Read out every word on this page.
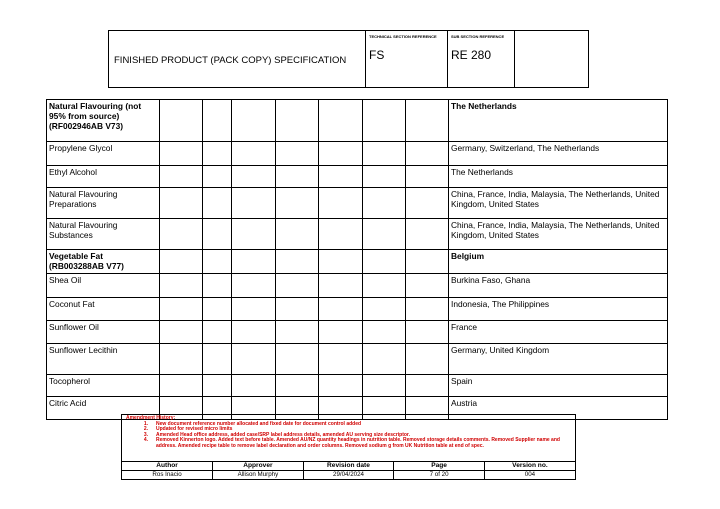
FINISHED PRODUCT (PACK COPY) SPECIFICATION
TECHNICAL SECTION REFERENCE
FS
SUB SECTION REFERENCE
RE 280
Natural Flavouring (not 95% from source) (RF002946AB V73)								The Netherlands
Propylene Glycol								Germany, Switzerland, The Netherlands
Ethyl Alcohol								The Netherlands
Natural Flavouring Preparations								China, France, India, Malaysia, The Netherlands, United Kingdom, United States
Natural Flavouring Substances								China, France, India, Malaysia, The Netherlands, United Kingdom, United States
Vegetable Fat (RB003288AB V77)								Belgium
Shea Oil								Burkina Faso, Ghana
Coconut Fat								Indonesia, The Philippines
Sunflower Oil								France
Sunflower Lecithin								Germany, United Kingdom
Tocopherol								Spain
Citric Acid								Austria
Amendment History:
1.	New document reference number allocated and fixed date for document control added
2.	Updated for revised micro limits
3.	Amended Head office address, added case/SRP label address details, amended AU serving size descriptor.
4.	Removed Kinnerton logo. Added text before table. Amended AU/NZ quantity headings in nutrition table. Removed storage details comments. Removed Supplier name and address. Amended recipe table to remove label declaration and order columns. Removed sodium g from UK Nutrition table at end of spec.
Author	Approver	Revision date	Page	Version no.
Ros Inacio	Allison Murphy	29/04/2024	7 of 20	004
